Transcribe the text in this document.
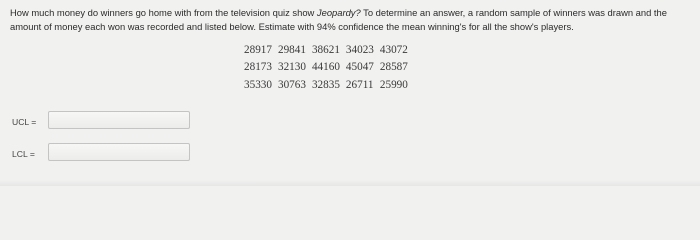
How much money do winners go home with from the television quiz show Jeopardy? To determine an answer, a random sample of winners was drawn and the amount of money each won was recorded and listed below. Estimate with 94% confidence the mean winning's for all the show's players.
28917	29841	38621	34023	43072
28173	32130	44160	45047	28587
35330	30763	32835	26711	25990
UCL =
LCL =
